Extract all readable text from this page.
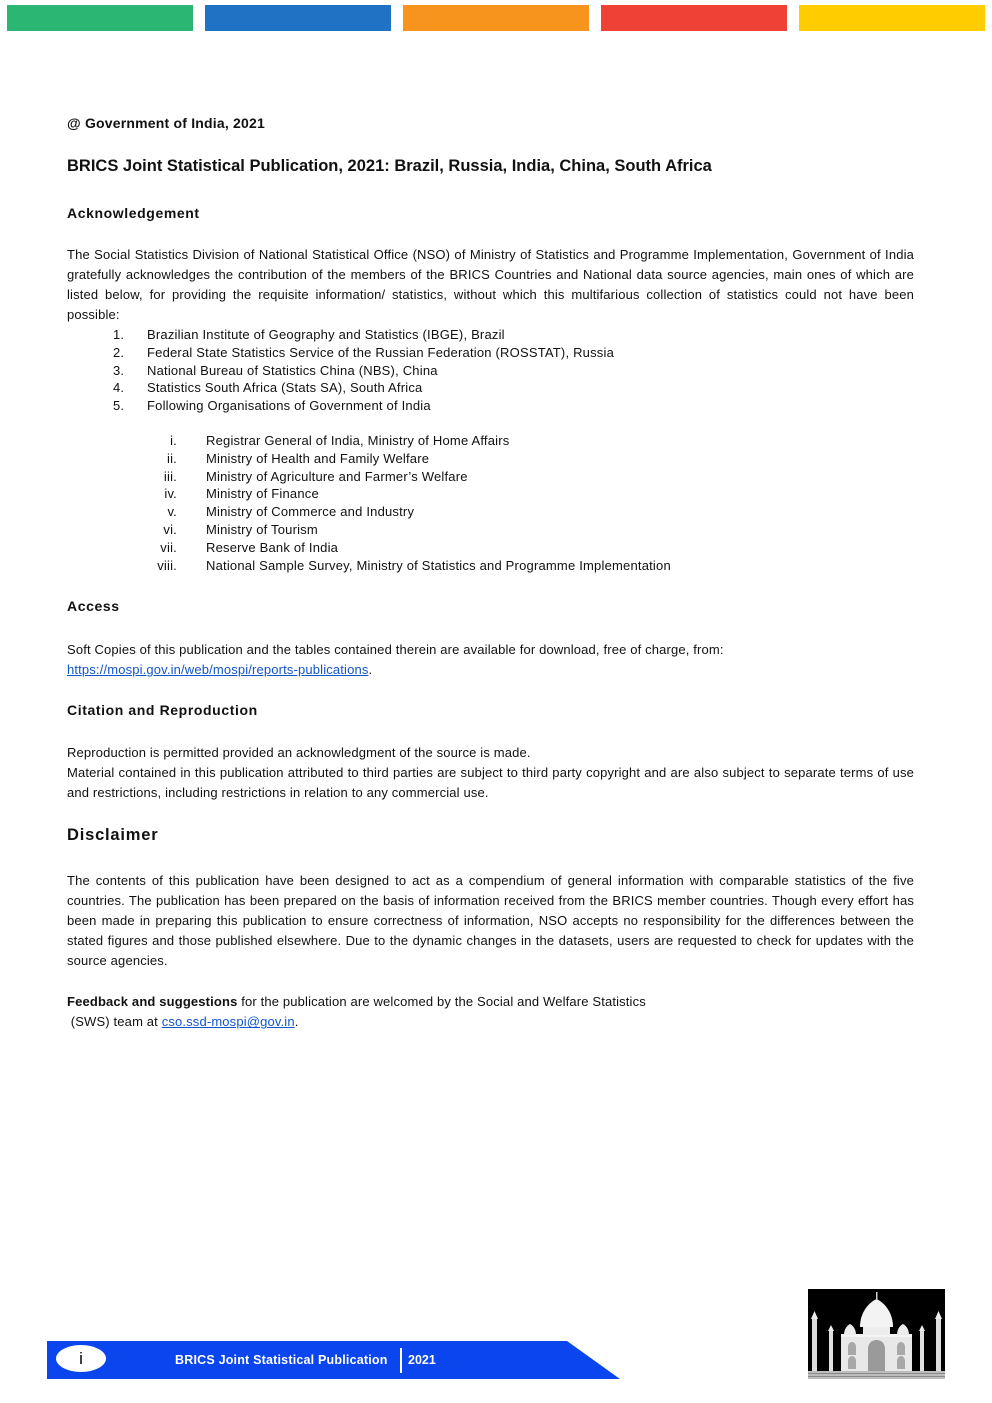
@ Government of India, 2021
BRICS Joint Statistical Publication, 2021: Brazil, Russia, India, China, South Africa
Acknowledgement

The Social Statistics Division of National Statistical Office (NSO) of Ministry of Statistics and Programme Implementation, Government of India gratefully acknowledges the contribution of the members of the BRICS Countries and National data source agencies, main ones of which are listed below, for providing the requisite information/ statistics, without which this multifarious collection of statistics could not have been possible:

1.	Brazilian Institute of Geography and Statistics (IBGE), Brazil
2.	Federal State Statistics Service of the Russian Federation (ROSSTAT), Russia
3.	National Bureau of Statistics China (NBS), China
4.	Statistics South Africa (Stats SA), South Africa
5.	Following Organisations of Government of India
i. Registrar General of India, Ministry of Home Affairs
ii. Ministry of Health and Family Welfare
iii. Ministry of Agriculture and Farmer’s Welfare
iv. Ministry of Finance
v. Ministry of Commerce and Industry
vi. Ministry of Tourism
vii. Reserve Bank of India
viii. National Sample Survey, Ministry of Statistics and Programme Implementation
Access

Soft Copies of this publication and the tables contained therein are available for download, free of charge, from:

https://mospi.gov.in/web/mospi/reports-publications.

Citation and Reproduction

Reproduction is permitted provided an acknowledgment of the source is made.

Material contained in this publication attributed to third parties are subject to third party copyright and are also subject to separate terms of use and restrictions, including restrictions in relation to any commercial use.

Disclaimer

The contents of this publication have been designed to act as a compendium of general information with comparable statistics of the five countries. The publication has been prepared on the basis of information received from the BRICS member countries. Though every effort has been made in preparing this publication to ensure correctness of information, NSO accepts no responsibility for the differences between the stated figures and those published elsewhere. Due to the dynamic changes in the datasets, users are requested to check for updates with the source agencies.

Feedback and suggestions for the publication are welcomed by the Social and Welfare Statistics

(SWS) team at cso.ssd-mospi@gov.in.

i	BRICS Joint Statistical Publication 2021
